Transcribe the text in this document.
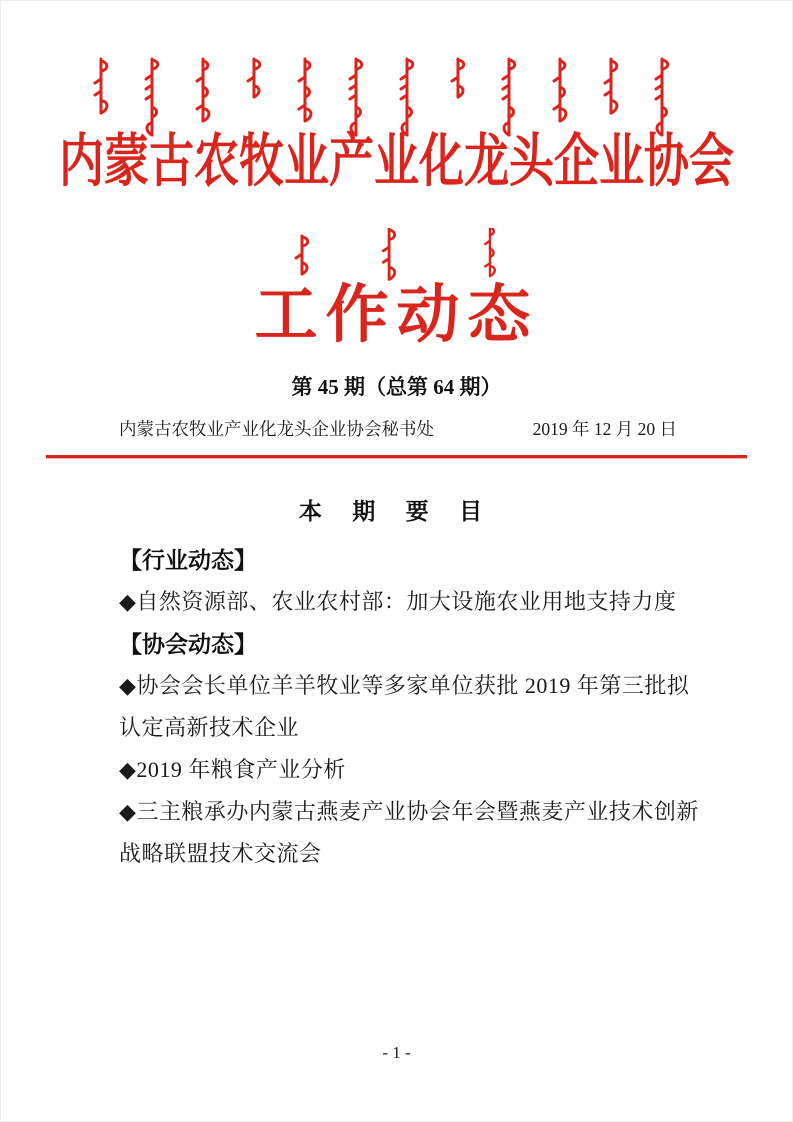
内蒙古农牧业产业化龙头企业协会
工作动态
第 45 期（总第 64 期）
内蒙古农牧业产业化龙头企业协会秘书处	2019 年 12 月 20 日
本 期 要 目
【行业动态】

◆自然资源部、农业农村部：加大设施农业用地支持力度

【协会动态】

◆协会会长单位羊羊牧业等多家单位获批 2019 年第三批拟认定高新技术企业

◆2019 年粮食产业分析

◆三主粮承办内蒙古燕麦产业协会年会暨燕麦产业技术创新战略联盟技术交流会

- 1 -
